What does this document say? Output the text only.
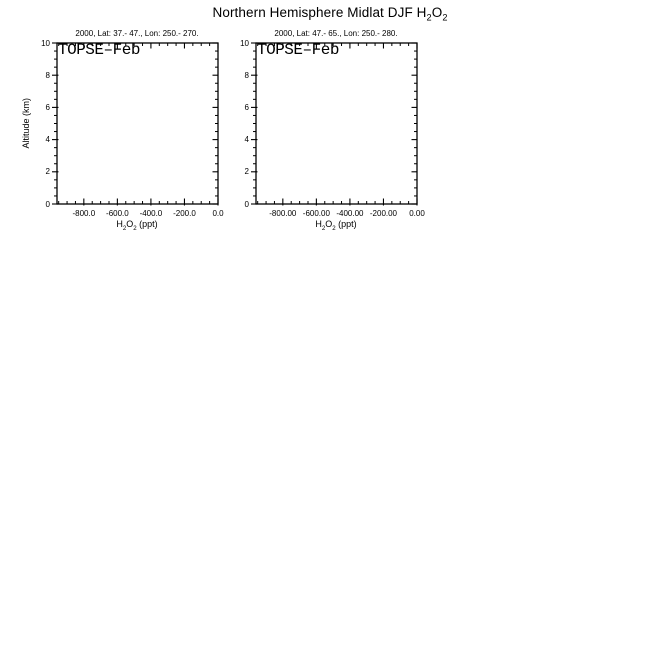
Northern Hemisphere Midlat DJF $H_2O_2$
2000, Lat: 37.- 47., Lon: 250.- 270.	2000, Lat: 47.- 65., Lon: 250.- 280.
TOPSE–Feb	TOPSE–Feb
Altitude (km)
$H_2O_2$ (ppt)	$H_2O_2$ (ppt)
-800.0	-600.0	-400.0	-200.0	0.0
0
2
4
6
8
10
-800.00 -600.00 -400.00 -200.00	0.00
0
2
4
6
8
10
